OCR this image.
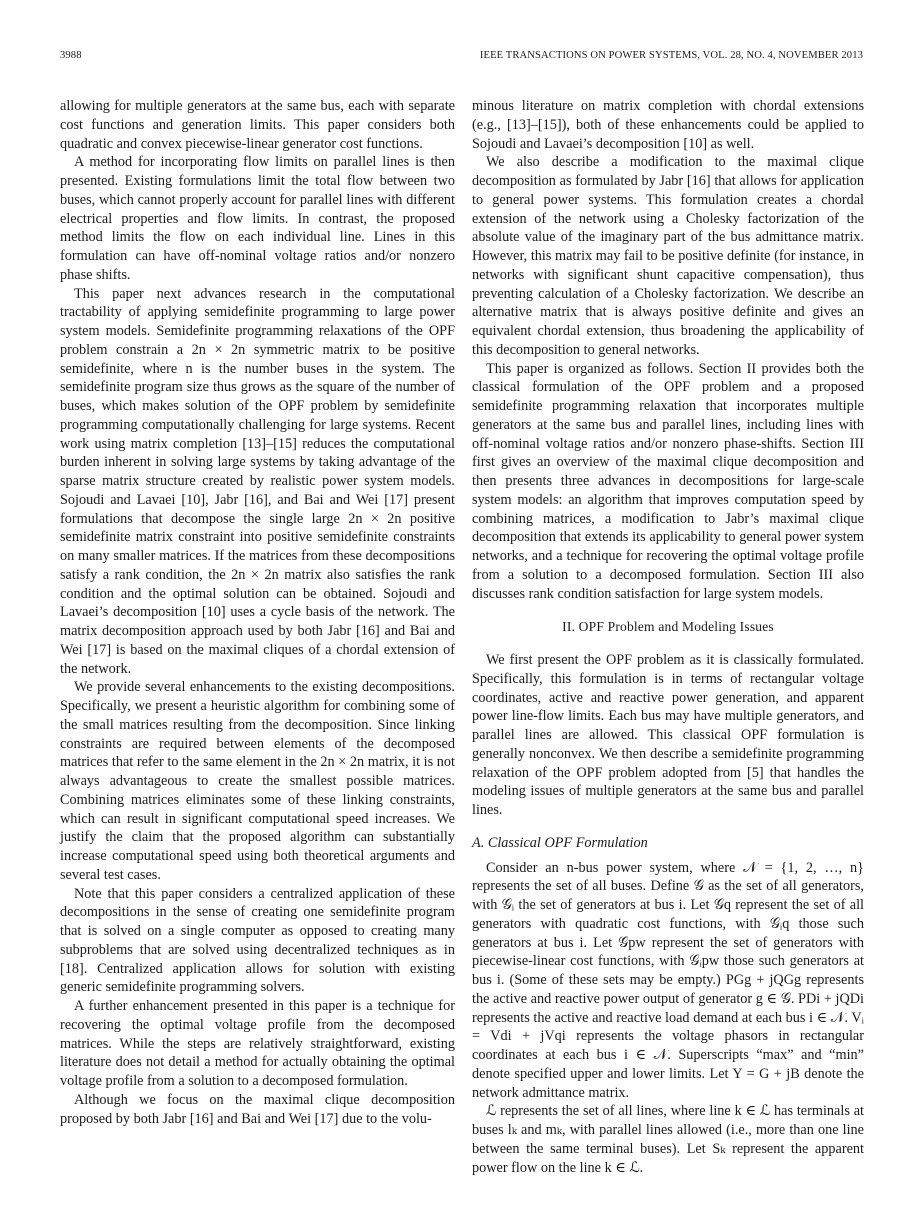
3988	IEEE TRANSACTIONS ON POWER SYSTEMS, VOL. 28, NO. 4, NOVEMBER 2013

allowing for multiple generators at the same bus, each with separate cost functions and generation limits. This paper considers both quadratic and convex piecewise-linear generator cost functions.

A method for incorporating flow limits on parallel lines is then presented. Existing formulations limit the total flow between two buses, which cannot properly account for parallel lines with different electrical properties and flow limits. In contrast, the proposed method limits the flow on each individual line. Lines in this formulation can have off-nominal voltage ratios and/or nonzero phase shifts.

This paper next advances research in the computational tractability of applying semidefinite programming to large power system models. Semidefinite programming relaxations of the OPF problem constrain a 2n × 2n symmetric matrix to be positive semidefinite, where n is the number buses in the system. The semidefinite program size thus grows as the square of the number of buses, which makes solution of the OPF problem by semidefinite programming computationally challenging for large systems. Recent work using matrix completion [13]–[15] reduces the computational burden inherent in solving large systems by taking advantage of the sparse matrix structure created by realistic power system models. Sojoudi and Lavaei [10], Jabr [16], and Bai and Wei [17] present formulations that decompose the single large 2n × 2n positive semidefinite matrix constraint into positive semidefinite constraints on many smaller matrices. If the matrices from these decompositions satisfy a rank condition, the 2n × 2n matrix also satisfies the rank condition and the optimal solution can be obtained. Sojoudi and Lavaei’s decomposition [10] uses a cycle basis of the network. The matrix decomposition approach used by both Jabr [16] and Bai and Wei [17] is based on the maximal cliques of a chordal extension of the network.

We provide several enhancements to the existing decompositions. Specifically, we present a heuristic algorithm for combining some of the small matrices resulting from the decomposition. Since linking constraints are required between elements of the decomposed matrices that refer to the same element in the 2n × 2n matrix, it is not always advantageous to create the smallest possible matrices. Combining matrices eliminates some of these linking constraints, which can result in significant computational speed increases. We justify the claim that the proposed algorithm can substantially increase computational speed using both theoretical arguments and several test cases.

Note that this paper considers a centralized application of these decompositions in the sense of creating one semidefinite program that is solved on a single computer as opposed to creating many subproblems that are solved using decentralized techniques as in [18]. Centralized application allows for solution with existing generic semidefinite programming solvers.

A further enhancement presented in this paper is a technique for recovering the optimal voltage profile from the decomposed matrices. While the steps are relatively straightforward, existing literature does not detail a method for actually obtaining the optimal voltage profile from a solution to a decomposed formulation.

Although we focus on the maximal clique decomposition proposed by both Jabr [16] and Bai and Wei [17] due to the volu-

minous literature on matrix completion with chordal extensions (e.g., [13]–[15]), both of these enhancements could be applied to Sojoudi and Lavaei’s decomposition [10] as well.

We also describe a modification to the maximal clique decomposition as formulated by Jabr [16] that allows for application to general power systems. This formulation creates a chordal extension of the network using a Cholesky factorization of the absolute value of the imaginary part of the bus admittance matrix. However, this matrix may fail to be positive definite (for instance, in networks with significant shunt capacitive compensation), thus preventing calculation of a Cholesky factorization. We describe an alternative matrix that is always positive definite and gives an equivalent chordal extension, thus broadening the applicability of this decomposition to general networks.

This paper is organized as follows. Section II provides both the classical formulation of the OPF problem and a proposed semidefinite programming relaxation that incorporates multiple generators at the same bus and parallel lines, including lines with off-nominal voltage ratios and/or nonzero phase-shifts. Section III first gives an overview of the maximal clique decomposition and then presents three advances in decompositions for large-scale system models: an algorithm that improves computation speed by combining matrices, a modification to Jabr’s maximal clique decomposition that extends its applicability to general power system networks, and a technique for recovering the optimal voltage profile from a solution to a decomposed formulation. Section III also discusses rank condition satisfaction for large system models.

II. OPF Problem and Modeling Issues

We first present the OPF problem as it is classically formulated. Specifically, this formulation is in terms of rectangular voltage coordinates, active and reactive power generation, and apparent power line-flow limits. Each bus may have multiple generators, and parallel lines are allowed. This classical OPF formulation is generally nonconvex. We then describe a semidefinite programming relaxation of the OPF problem adopted from [5] that handles the modeling issues of multiple generators at the same bus and parallel lines.

A. Classical OPF Formulation

Consider an n-bus power system, where 𝒩 = {1, 2, …, n} represents the set of all buses. Define 𝒢 as the set of all generators, with 𝒢ᵢ the set of generators at bus i. Let 𝒢q represent the set of all generators with quadratic cost functions, with 𝒢ᵢq those such generators at bus i. Let 𝒢pw represent the set of generators with piecewise-linear cost functions, with 𝒢ᵢpw those such generators at bus i. (Some of these sets may be empty.) PGg + jQGg represents the active and reactive power output of generator g ∈ 𝒢. PDi + jQDi represents the active and reactive load demand at each bus i ∈ 𝒩. Vᵢ = Vdi + jVqi represents the voltage phasors in rectangular coordinates at each bus i ∈ 𝒩. Superscripts “max” and “min” denote specified upper and lower limits. Let Y = G + jB denote the network admittance matrix.

ℒ represents the set of all lines, where line k ∈ ℒ has terminals at buses lₖ and mₖ, with parallel lines allowed (i.e., more than one line between the same terminal buses). Let Sₖ represent the apparent power flow on the line k ∈ ℒ.
